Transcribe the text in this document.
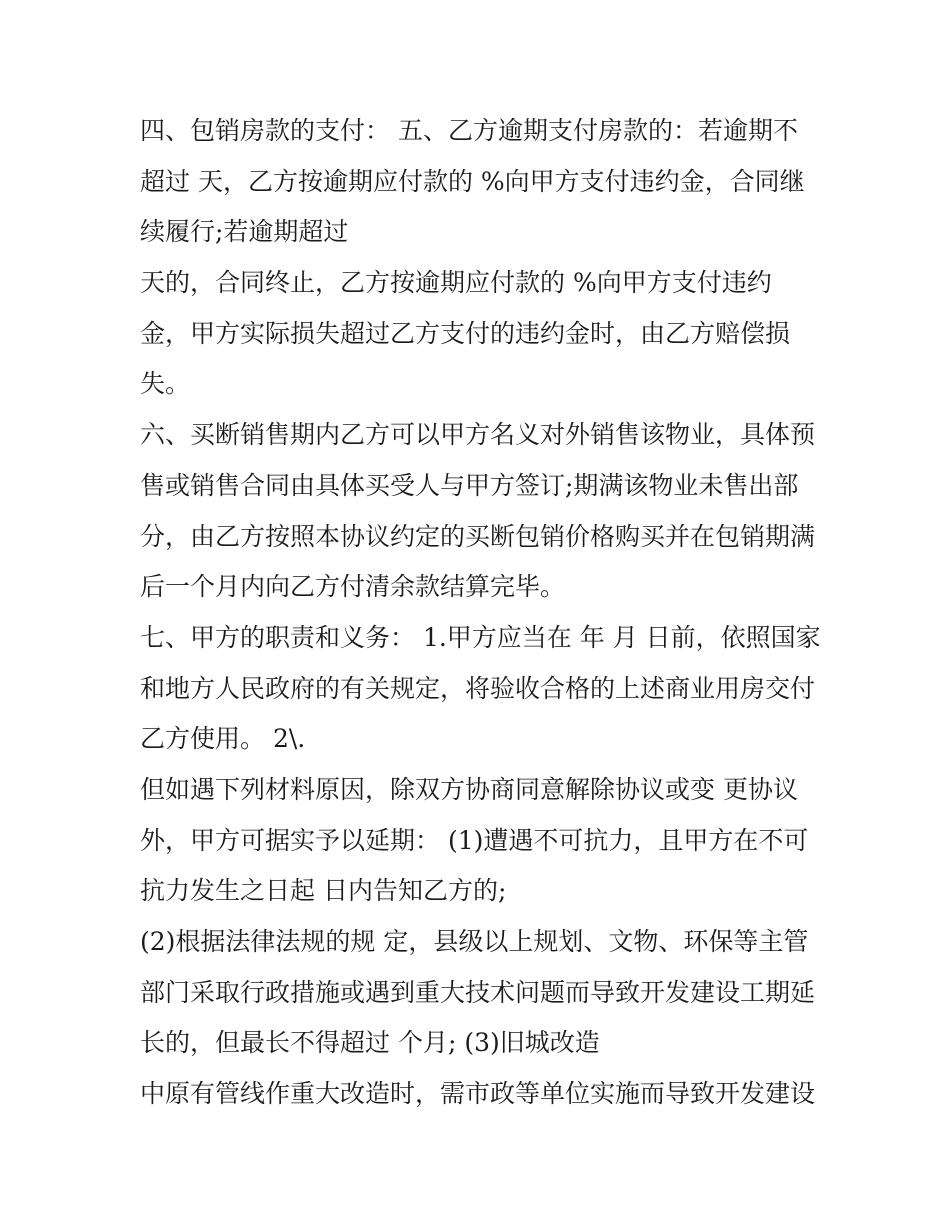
四、包销房款的支付： 五、乙方逾期支付房款的：若逾期不
超过 天，乙方按逾期应付款的 %向甲方支付违约金，合同继
续履行;若逾期超过
天的，合同终止，乙方按逾期应付款的 %向甲方支付违约
金，甲方实际损失超过乙方支付的违约金时，由乙方赔偿损
失。
六、买断销售期内乙方可以甲方名义对外销售该物业，具体预
售或销售合同由具体买受人与甲方签订;期满该物业未售出部
分，由乙方按照本协议约定的买断包销价格购买并在包销期满
后一个月内向乙方付清余款结算完毕。
七、甲方的职责和义务： 1.甲方应当在 年 月 日前，依照国家
和地方人民政府的有关规定，将验收合格的上述商业用房交付
乙方使用。 2\.
但如遇下列材料原因，除双方协商同意解除协议或变 更协议
外，甲方可据实予以延期： (1)遭遇不可抗力，且甲方在不可
抗力发生之日起 日内告知乙方的;
(2)根据法律法规的规 定，县级以上规划、文物、环保等主管
部门采取行政措施或遇到重大技术问题而导致开发建设工期延
长的，但最长不得超过 个月; (3)旧城改造
中原有管线作重大改造时，需市政等单位实施而导致开发建设
